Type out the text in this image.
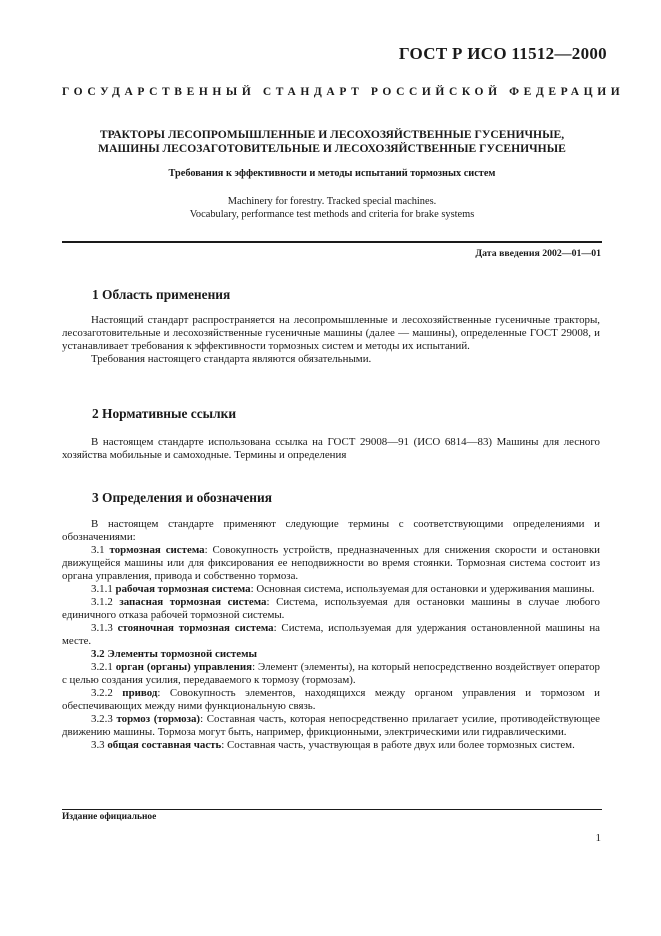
ГОСТ Р ИСО 11512—2000
ГОСУДАРСТВЕННЫЙ СТАНДАРТ РОССИЙСКОЙ ФЕДЕРАЦИИ
ТРАКТОРЫ ЛЕСОПРОМЫШЛЕННЫЕ И ЛЕСОХОЗЯЙСТВЕННЫЕ ГУСЕНИЧНЫЕ,
МАШИНЫ ЛЕСОЗАГОТОВИТЕЛЬНЫЕ И ЛЕСОХОЗЯЙСТВЕННЫЕ ГУСЕНИЧНЫЕ
Требования к эффективности и методы испытаний тормозных систем
Machinery for forestry. Tracked special machines.
Vocabulary, performance test methods and criteria for brake systems
Дата введения 2002—01—01
1 Область применения

Настоящий стандарт распространяется на лесопромышленные и лесохозяйственные гусеничные тракторы, лесозаготовительные и лесохозяйственные гусеничные машины (далее — машины), определенные ГОСТ 29008, и устанавливает требования к эффективности тормозных систем и методы их испытаний.

Требования настоящего стандарта являются обязательными.

2 Нормативные ссылки

В настоящем стандарте использована ссылка на ГОСТ 29008—91 (ИСО 6814—83) Машины для лесного хозяйства мобильные и самоходные. Термины и определения

3 Определения и обозначения

В настоящем стандарте применяют следующие термины с соответствующими определениями и обозначениями:

3.1 тормозная система: Совокупность устройств, предназначенных для снижения скорости и остановки движущейся машины или для фиксирования ее неподвижности во время стоянки. Тормозная система состоит из органа управления, привода и собственно тормоза.

3.1.1 рабочая тормозная система: Основная система, используемая для остановки и удерживания машины.

3.1.2 запасная тормозная система: Система, используемая для остановки машины в случае любого единичного отказа рабочей тормозной системы.

3.1.3 стояночная тормозная система: Система, используемая для удержания остановленной машины на месте.

3.2 Элементы тормозной системы

3.2.1 орган (органы) управления: Элемент (элементы), на который непосредственно воздействует оператор с целью создания усилия, передаваемого к тормозу (тормозам).

3.2.2 привод: Совокупность элементов, находящихся между органом управления и тормозом и обеспечивающих между ними функциональную связь.

3.2.3 тормоз (тормоза): Составная часть, которая непосредственно прилагает усилие, противодействующее движению машины. Тормоза могут быть, например, фрикционными, электрическими или гидравлическими.

3.3 общая составная часть: Составная часть, участвующая в работе двух или более тормозных систем.

Издание официальное
1
